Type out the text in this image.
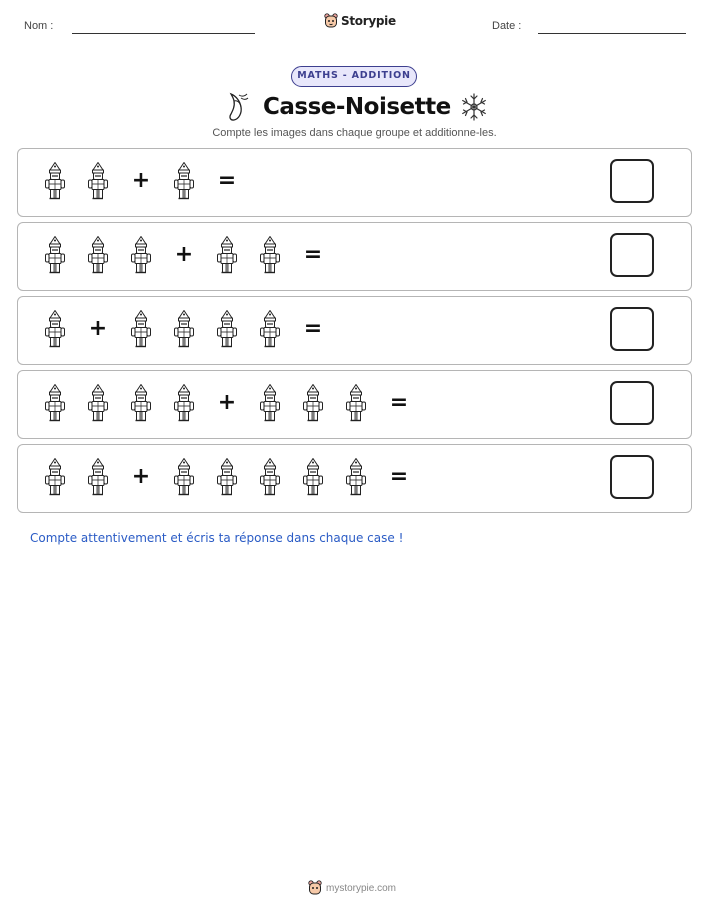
Nom :	Storypie	Date :
MATHS - ADDITION
Casse-Noisette
Compte les images dans chaque groupe et additionne-les.
+	=
+	=
+	=
+	=
+	=
Compte attentivement et écris ta réponse dans chaque case !
mystorypie.com
